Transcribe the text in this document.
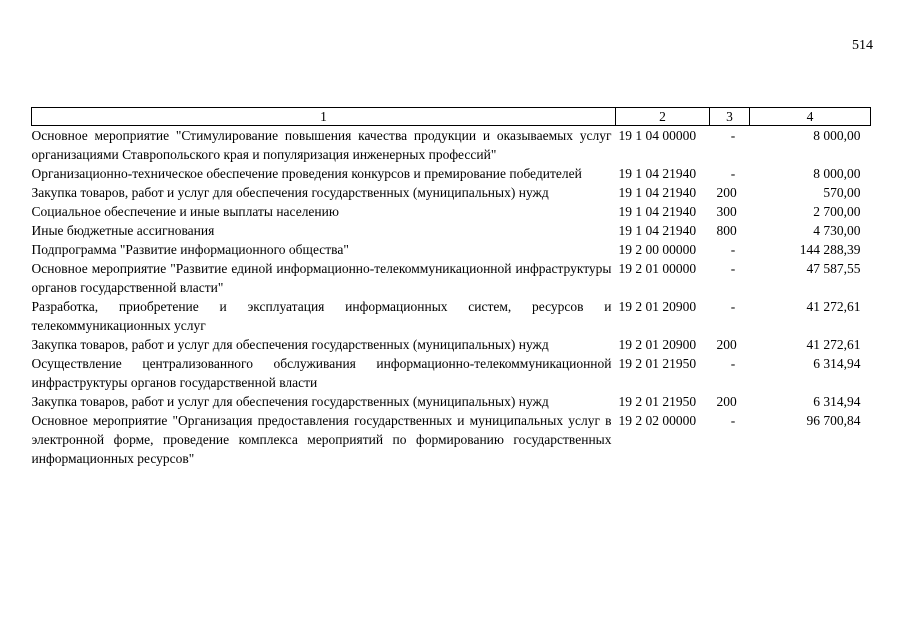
514
1	2	3	4
Основное мероприятие "Стимулирование повышения качества продукции и оказываемых услуг организациями Ставропольского края и популяризация инженерных профессий"	19 1 04 00000	-	8 000,00
Организационно-техническое обеспечение проведения конкурсов и премирование победителей	19 1 04 21940	-	8 000,00
Закупка товаров, работ и услуг для обеспечения государственных (муниципальных) нужд	19 1 04 21940	200	570,00
Социальное обеспечение и иные выплаты населению	19 1 04 21940	300	2 700,00
Иные бюджетные ассигнования	19 1 04 21940	800	4 730,00
Подпрограмма "Развитие информационного общества"	19 2 00 00000	-	144 288,39
Основное мероприятие "Развитие единой информационно-телекоммуникационной инфраструктуры органов государственной власти"	19 2 01 00000	-	47 587,55
Разработка, приобретение и эксплуатация информационных систем, ресурсов и телекоммуникационных услуг	19 2 01 20900	-	41 272,61
Закупка товаров, работ и услуг для обеспечения государственных (муниципальных) нужд	19 2 01 20900	200	41 272,61
Осуществление централизованного обслуживания информационно-телекоммуникационной инфраструктуры органов государственной власти	19 2 01 21950	-	6 314,94
Закупка товаров, работ и услуг для обеспечения государственных (муниципальных) нужд	19 2 01 21950	200	6 314,94
Основное мероприятие "Организация предоставления государственных и муниципальных услуг в электронной форме, проведение комплекса мероприятий по формированию государственных информационных ресурсов"	19 2 02 00000	-	96 700,84
